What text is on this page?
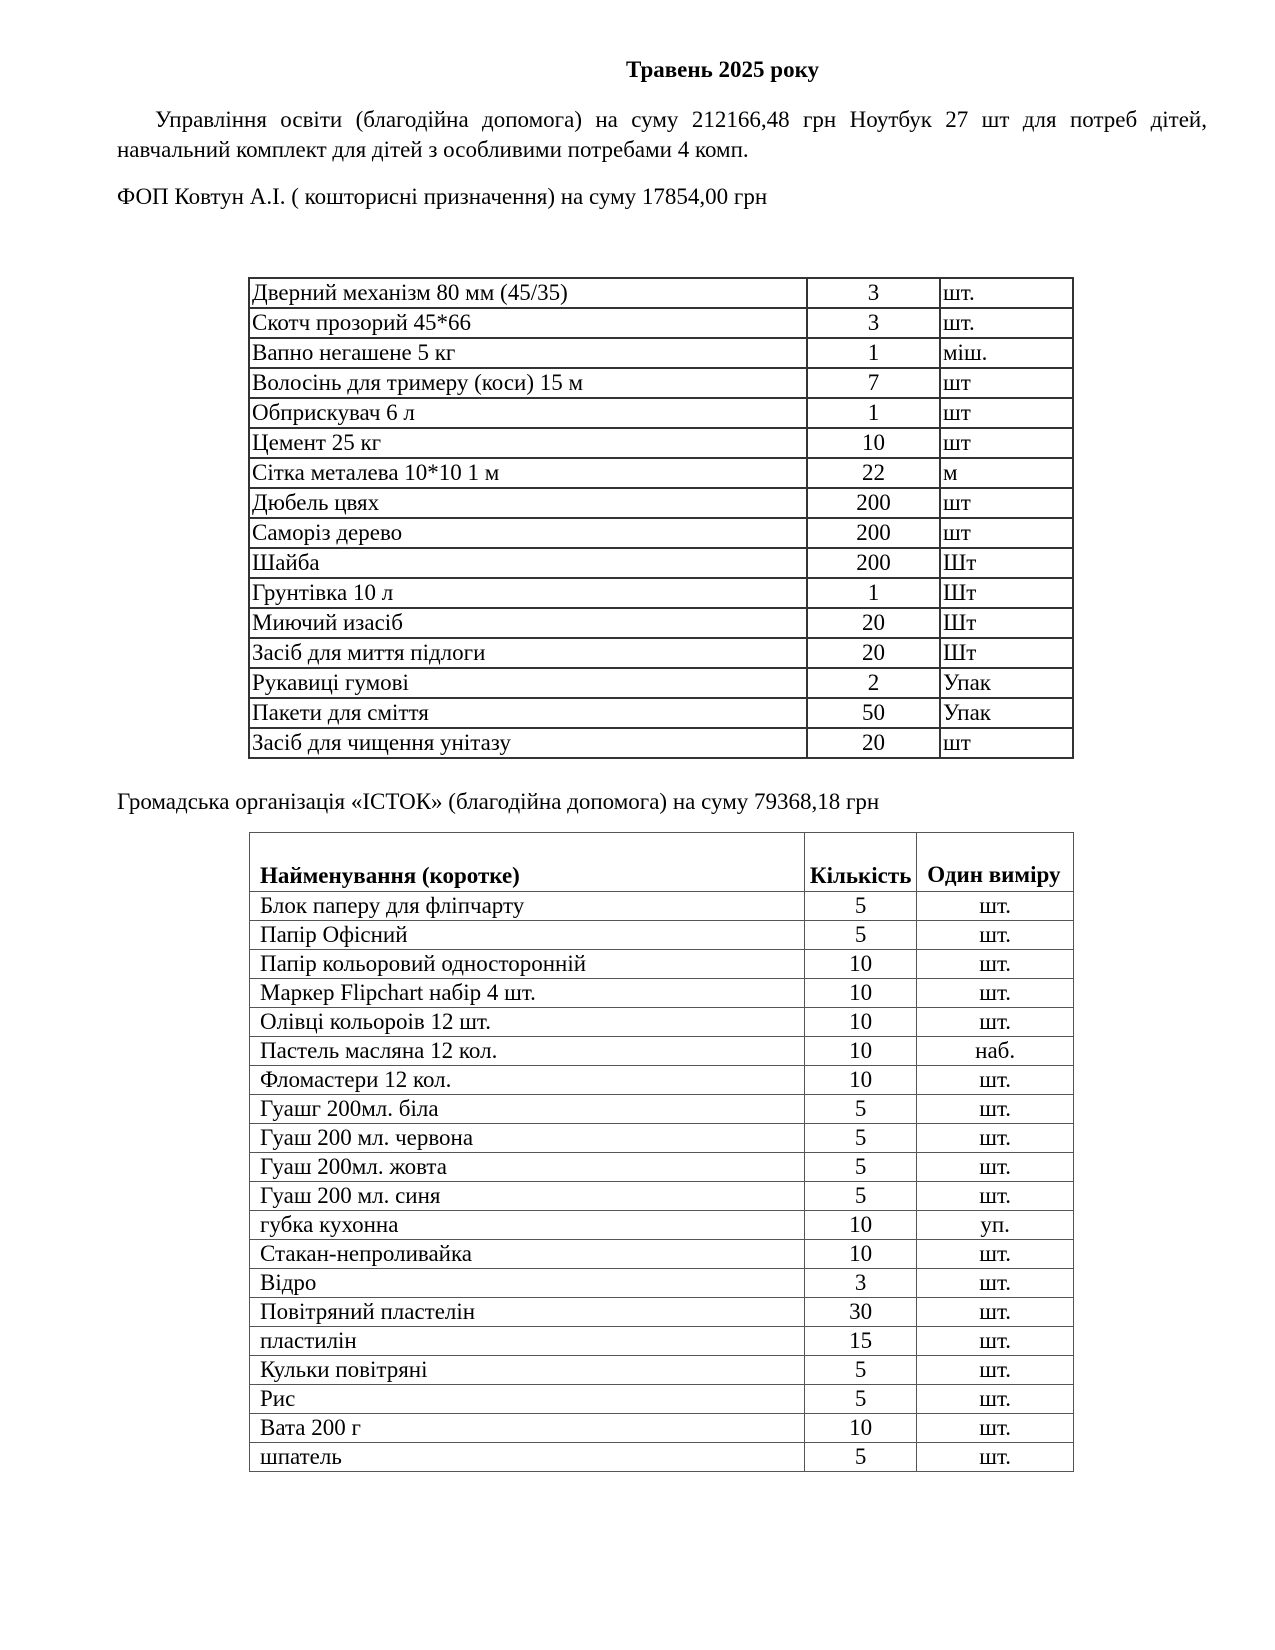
Травень 2025 року
Управління освіти (благодійна допомога) на суму 212166,48 грн Ноутбук 27 шт для потреб дітей, навчальний комплект для дітей з особливими потребами 4 комп.
ФОП Ковтун А.І. ( кошторисні призначення) на суму 17854,00 грн
Дверний механізм 80 мм (45/35)	3	шт.
Скотч прозорий 45*66	3	шт.
Вапно негашене 5 кг	1	міш.
Волосінь для тримеру (коси) 15 м	7	шт
Обприскувач 6 л	1	шт
Цемент 25 кг	10	шт
Сітка металева 10*10 1 м	22	м
Дюбель цвях	200	шт
Саморіз дерево	200	шт
Шайба	200	Шт
Грунтівка 10 л	1	Шт
Миючий изасіб	20	Шт
Засіб для миття підлоги	20	Шт
Рукавиці гумові	2	Упак
Пакети для сміття	50	Упак
Засіб для чищення унітазу	20	шт
Громадська організація «ІСТОК» (благодійна допомога) на суму 79368,18 грн
Найменування (коротке)	Кількість	Один виміру
Блок паперу для фліпчарту	5	шт.
Папір Офісний	5	шт.
Папір кольоровий односторонній	10	шт.
Маркер Flipchart набір 4 шт.	10	шт.
Олівці кольороів 12 шт.	10	шт.
Пастель масляна 12 кол.	10	наб.
Фломастери 12 кол.	10	шт.
Гуашг 200мл. біла	5	шт.
Гуаш 200 мл. червона	5	шт.
Гуаш 200мл. жовта	5	шт.
Гуаш 200 мл. синя	5	шт.
губка кухонна	10	уп.
Стакан-непроливайка	10	шт.
Відро	3	шт.
Повітряний пластелін	30	шт.
пластилін	15	шт.
Кульки повітряні	5	шт.
Рис	5	шт.
Вата 200 г	10	шт.
шпатель	5	шт.
